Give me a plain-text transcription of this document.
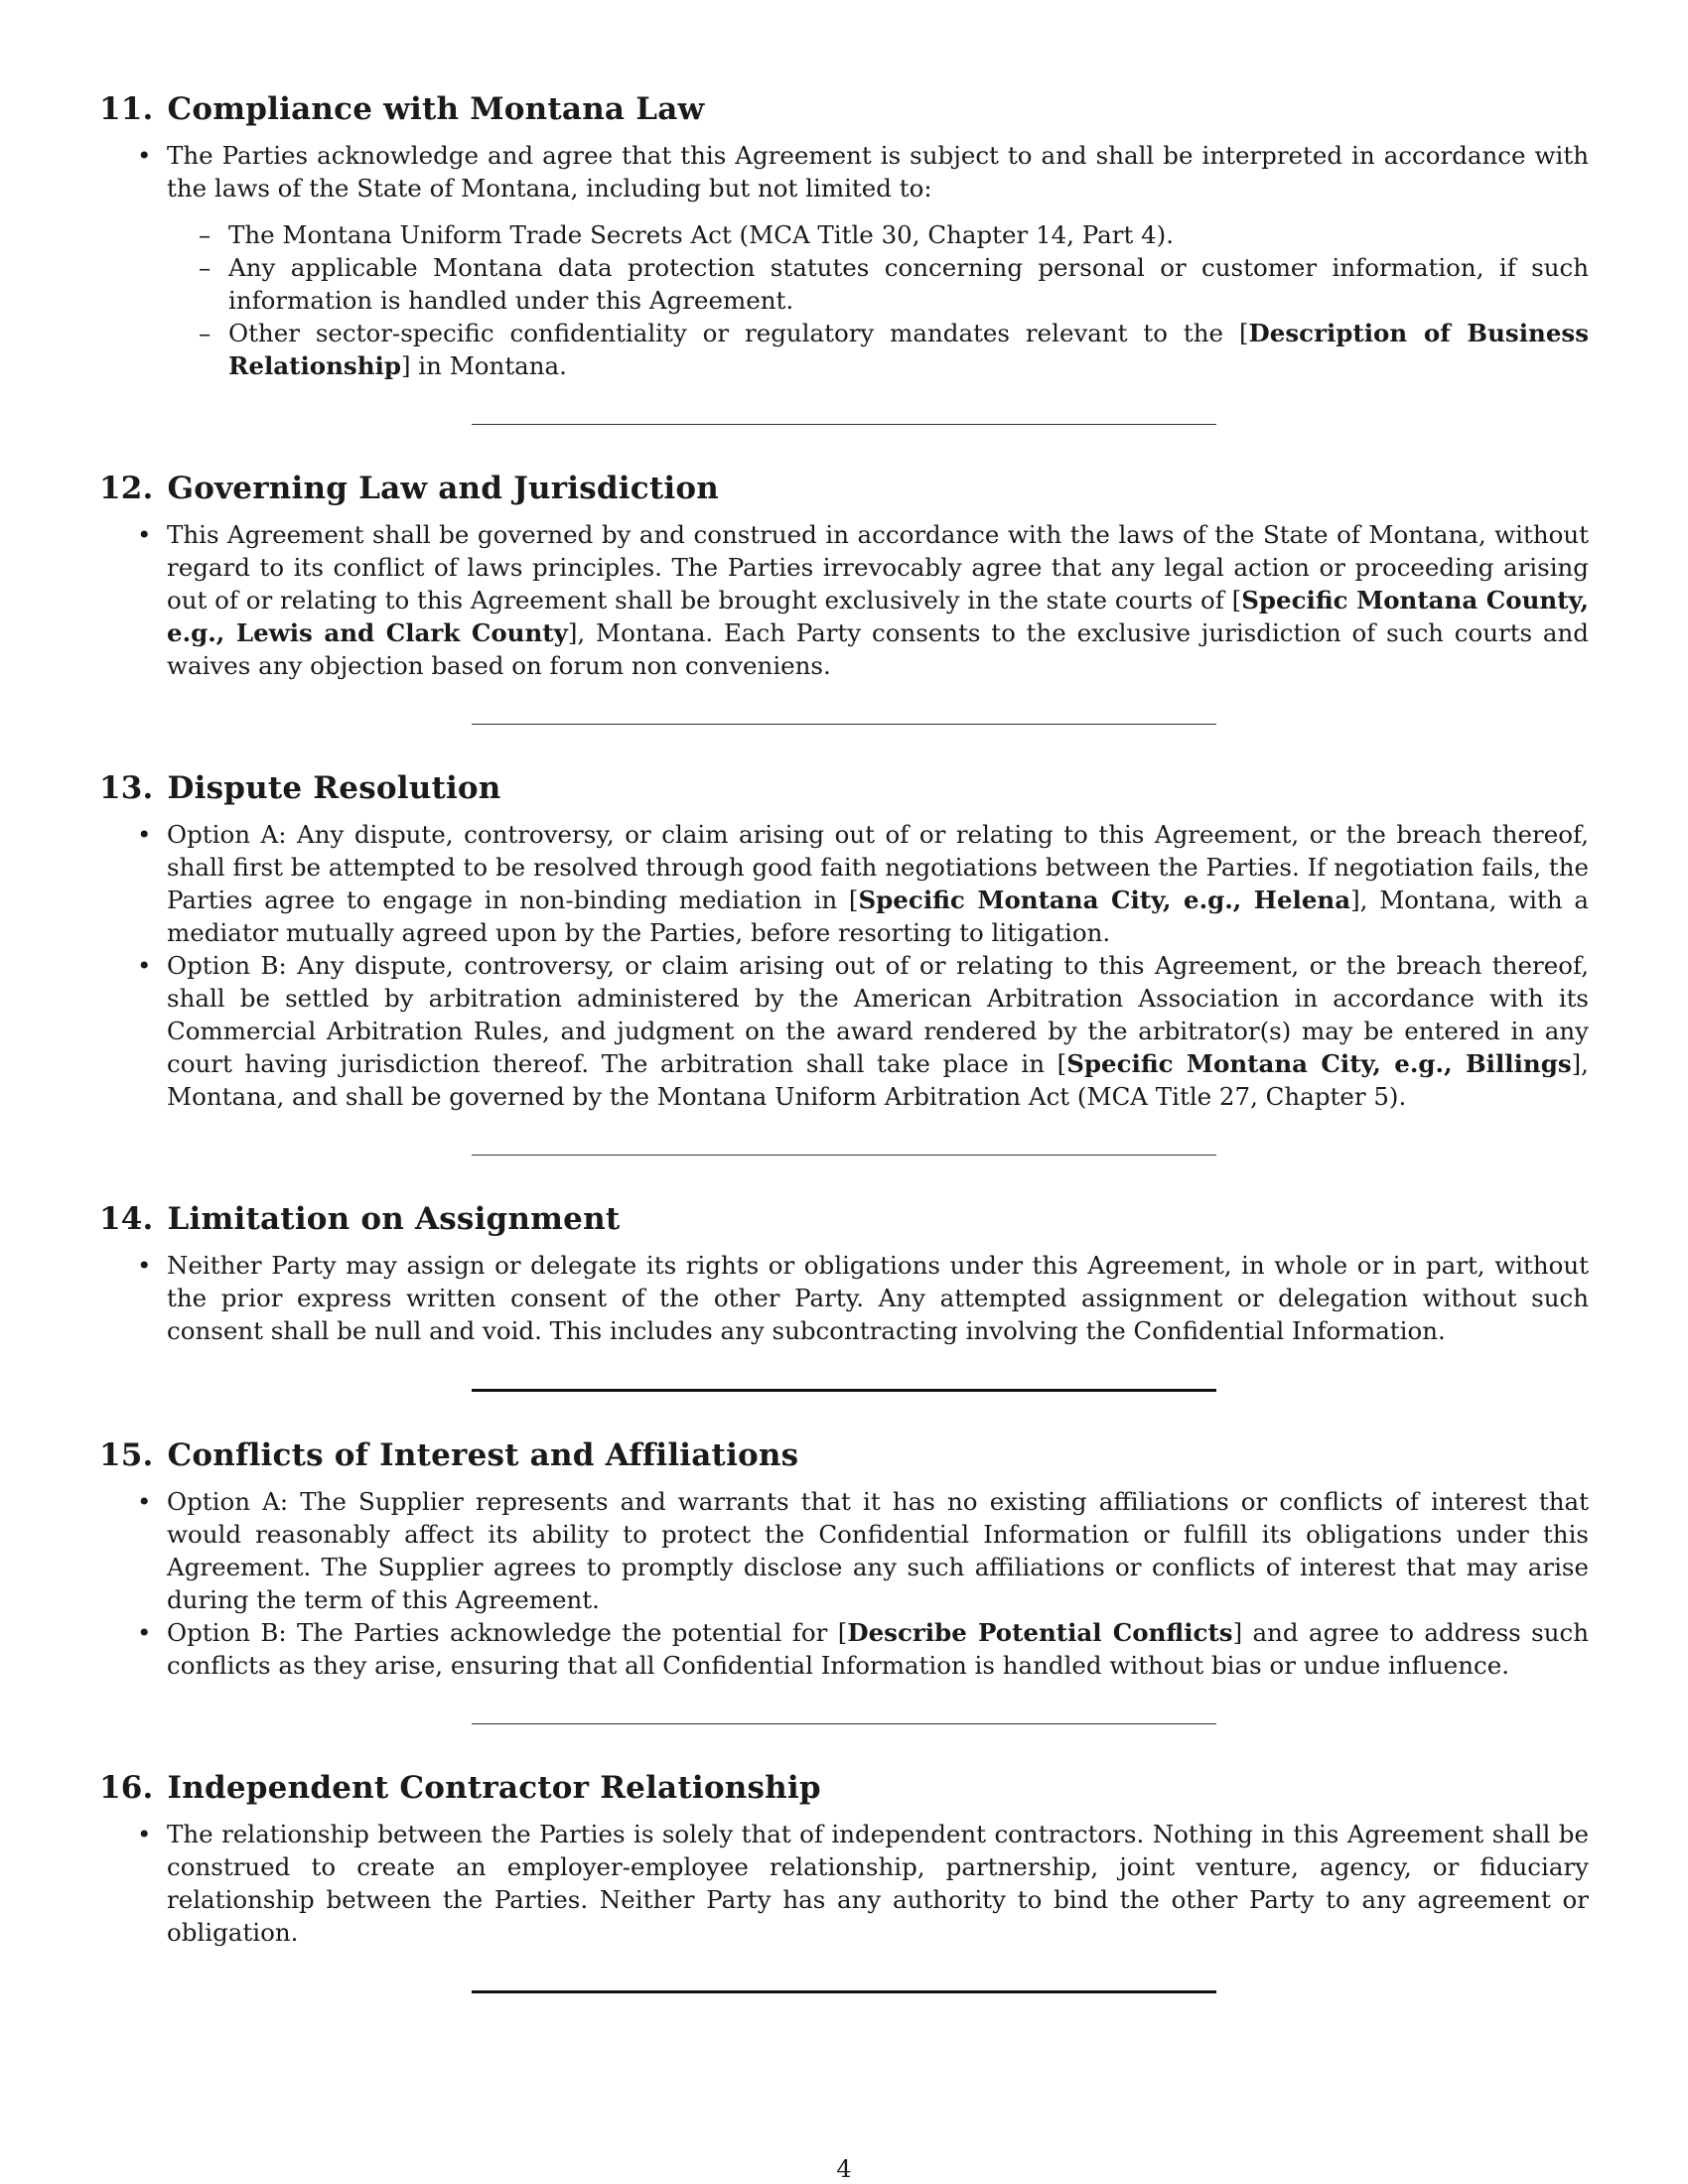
11. Compliance with Montana Law
• The Parties acknowledge and agree that this Agreement is subject to and shall be interpreted in accordance with the laws of the State of Montana, including but not limited to:
– The Montana Uniform Trade Secrets Act (MCA Title 30, Chapter 14, Part 4).
– Any applicable Montana data protection statutes concerning personal or customer information, if such information is handled under this Agreement.
– Other sector-specific confidentiality or regulatory mandates relevant to the [Description of Business Relationship] in Montana.
12. Governing Law and Jurisdiction
• This Agreement shall be governed by and construed in accordance with the laws of the State of Montana, without regard to its conflict of laws principles. The Parties irrevocably agree that any legal action or proceeding arising out of or relating to this Agreement shall be brought exclusively in the state courts of [Specific Montana County, e.g., Lewis and Clark County], Montana. Each Party consents to the exclusive jurisdiction of such courts and waives any objection based on forum non conveniens.
13. Dispute Resolution
• Option A: Any dispute, controversy, or claim arising out of or relating to this Agreement, or the breach thereof, shall first be attempted to be resolved through good faith negotiations between the Parties. If negotiation fails, the Parties agree to engage in non-binding mediation in [Specific Montana City, e.g., Helena], Montana, with a mediator mutually agreed upon by the Parties, before resorting to litigation.
• Option B: Any dispute, controversy, or claim arising out of or relating to this Agreement, or the breach thereof, shall be settled by arbitration administered by the American Arbitration Association in accordance with its Commercial Arbitration Rules, and judgment on the award rendered by the arbitrator(s) may be entered in any court having jurisdiction thereof. The arbitration shall take place in [Specific Montana City, e.g., Billings], Montana, and shall be governed by the Montana Uniform Arbitration Act (MCA Title 27, Chapter 5).
14. Limitation on Assignment
• Neither Party may assign or delegate its rights or obligations under this Agreement, in whole or in part, without the prior express written consent of the other Party. Any attempted assignment or delegation without such consent shall be null and void. This includes any subcontracting involving the Confidential Information.
15. Conflicts of Interest and Affiliations
• Option A: The Supplier represents and warrants that it has no existing affiliations or conflicts of interest that would reasonably affect its ability to protect the Confidential Information or fulfill its obligations under this Agreement. The Supplier agrees to promptly disclose any such affiliations or conflicts of interest that may arise during the term of this Agreement.
• Option B: The Parties acknowledge the potential for [Describe Potential Conflicts] and agree to address such conflicts as they arise, ensuring that all Confidential Information is handled without bias or undue influence.
16. Independent Contractor Relationship
• The relationship between the Parties is solely that of independent contractors. Nothing in this Agreement shall be construed to create an employer-employee relationship, partnership, joint venture, agency, or fiduciary relationship between the Parties. Neither Party has any authority to bind the other Party to any agreement or obligation.
4
